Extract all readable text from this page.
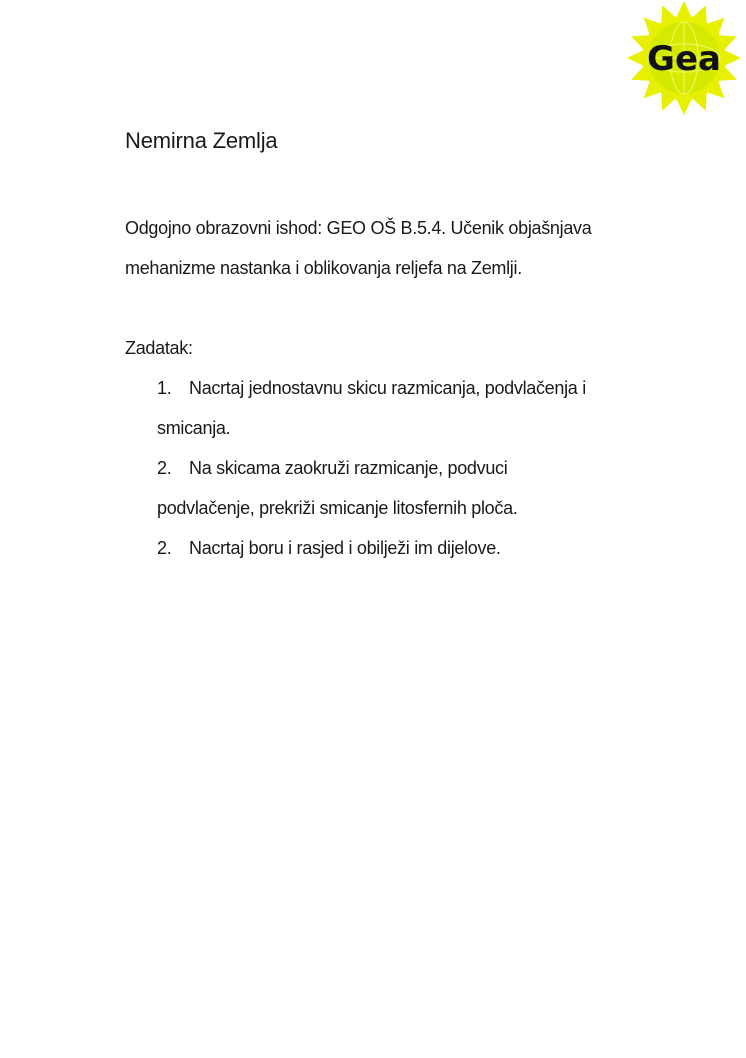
Gea
Nemirna Zemlja

Odgojno obrazovni ishod: GEO OŠ B.5.4. Učenik objašnjava mehanizme nastanka i oblikovanja reljefa na Zemlji.

Zadatak:

1. Nacrtaj jednostavnu skicu razmicanja, podvlačenja i smicanja.
2. Na skicama zaokruži razmicanje, podvuci podvlačenje, prekriži smicanje litosfernih ploča.
2. Nacrtaj boru i rasjed i obilježi im dijelove.
